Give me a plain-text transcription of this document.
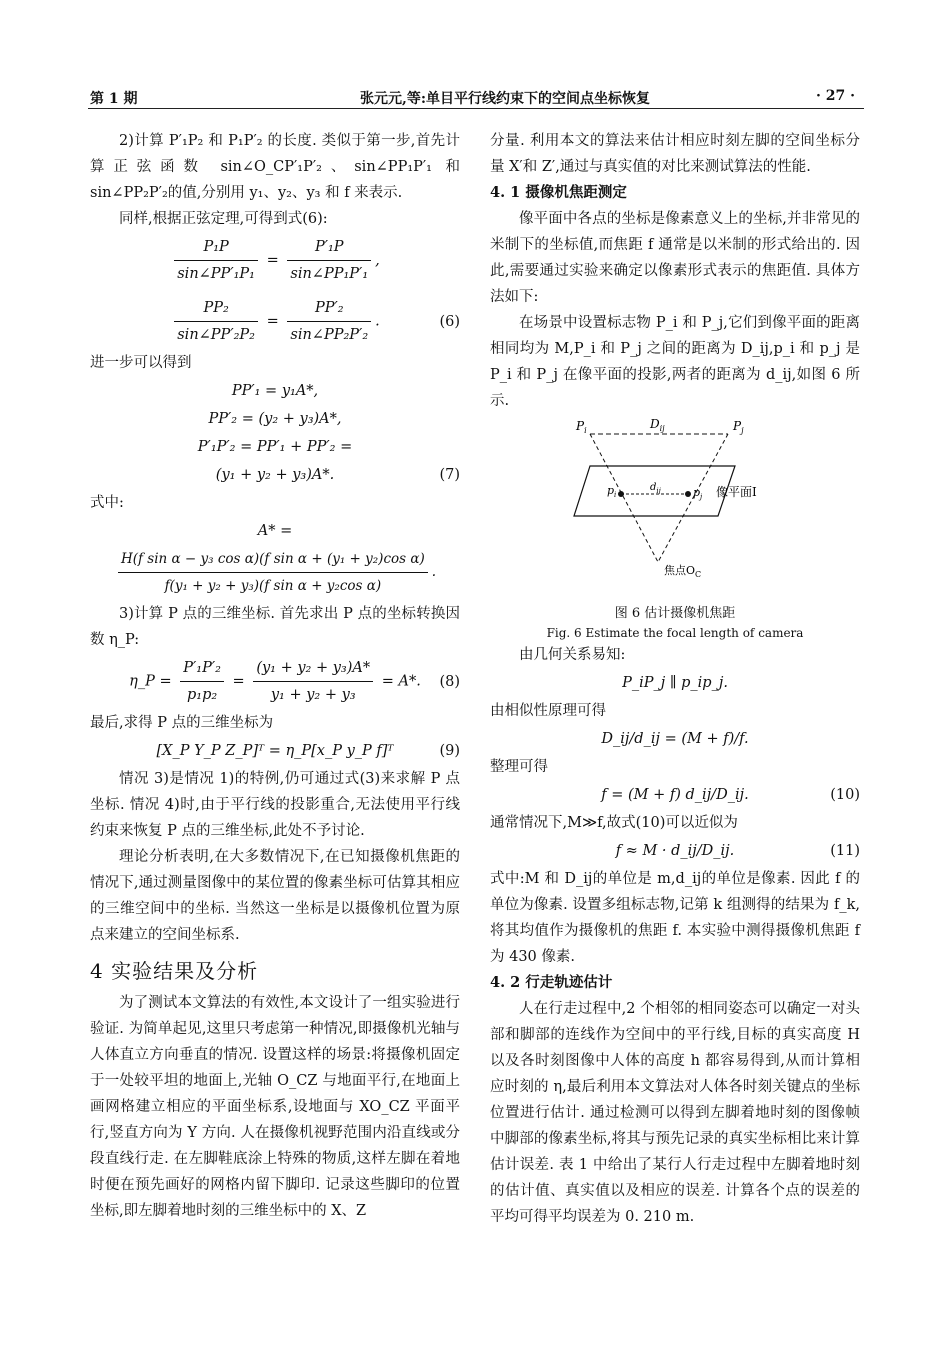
第 1 期	张元元,等:单目平行线约束下的空间点坐标恢复	· 27 ·

2)计算 P′₁P₂ 和 P₁P′₂ 的长度. 类似于第一步,首先计算正弦函数 sin∠O_CP′₁P′₂、sin∠PP₁P′₁ 和 sin∠PP₂P′₂的值,分别用 y₁、y₂、y₃ 和 f 来表示.

同样,根据正弦定理,可得到式(6):

$\frac{\text{P₁P}}{\text{sin∠PP′₁P₁}} = \frac{\text{P′₁P}}{\text{sin∠PP₁P′₁}}$ ,
$\frac{\text{PP₂}}{\text{sin∠PP′₂P₂}} = \frac{\text{PP′₂}}{\text{sin∠PP₂P′₂}}$ .	(6)

进一步可以得到

PP′₁ = y₁A*,
PP′₂ = (y₂ + y₃)A*,
P′₁P′₂ = PP′₁ + PP′₂ =
(y₁ + y₂ + y₃)A*.	(7)

式中:

A* =
$\frac{\text{H(f sin α − y₃ cos α)(f sin α + (y₁ + y₂)cos α)}}{\text{f(y₁ + y₂ + y₃)(f sin α + y₂cos α)}}$ .

3)计算 P 点的三维坐标. 首先求出 P 点的坐标转换因数 η_P:

η_P = $\frac{\text{P′₁P′₂}}{\text{p₁p₂}} = \frac{\text{(y₁ + y₂ + y₃)A*}}{\text{y₁ + y₂ + y₃}} = A*$. (8)

最后,求得 P 点的三维坐标为

[X_P Y_P Z_P]ᵀ = η_P[x_P y_P f]ᵀ	(9)

情况 3)是情况 1)的特例,仍可通过式(3)来求解 P 点坐标. 情况 4)时,由于平行线的投影重合,无法使用平行线约束来恢复 P 点的三维坐标,此处不予讨论.

理论分析表明,在大多数情况下,在已知摄像机焦距的情况下,通过测量图像中的某位置的像素坐标可估算其相应的三维空间中的坐标. 当然这一坐标是以摄像机位置为原点来建立的空间坐标系.

4 实验结果及分析

为了测试本文算法的有效性,本文设计了一组实验进行验证. 为简单起见,这里只考虑第一种情况,即摄像机光轴与人体直立方向垂直的情况. 设置这样的场景:将摄像机固定于一处较平坦的地面上,光轴 O_CZ 与地面平行,在地面上画网格建立相应的平面坐标系,设地面与 XO_CZ 平面平行,竖直方向为 Y 方向. 人在摄像机视野范围内沿直线或分段直线行走. 在左脚鞋底涂上特殊的物质,这样左脚在着地时便在预先画好的网格内留下脚印. 记录这些脚印的位置坐标,即左脚着地时刻的三维坐标中的 X、Z

分量. 利用本文的算法来估计相应时刻左脚的空间坐标分量 X′和 Z′,通过与真实值的对比来测试算法的性能.

4. 1 摄像机焦距测定

像平面中各点的坐标是像素意义上的坐标,并非常见的米制下的坐标值,而焦距 f 通常是以米制的形式给出的. 因此,需要通过实验来确定以像素形式表示的焦距值. 具体方法如下:

在场景中设置标志物 P_i 和 P_j,它们到像平面的距离相同均为 M,P_i 和 P_j 之间的距离为 D_ij,p_i 和 p_j 是 P_i 和 P_j 在像平面的投影,两者的距离为 d_ij,如图 6 所示.

$P_i$	$P_j$
$D_{ij}$
$p_i$	$p_j$
$d_{ij}$	像平面I
焦点$O_C$
图 6 估计摄像机焦距
Fig. 6 Estimate the focal length of camera

由几何关系易知:

P_iP_j ∥ p_ip_j.

由相似性原理可得

D_ij/d_ij = (M + f)/f.

整理可得

f = (M + f) d_ij/D_ij.	(10)

通常情况下,M≫f,故式(10)可以近似为

f ≈ M · d_ij/D_ij.	(11)

式中:M 和 D_ij的单位是 m,d_ij的单位是像素. 因此 f 的单位为像素. 设置多组标志物,记第 k 组测得的结果为 f_k,将其均值作为摄像机的焦距 f. 本实验中测得摄像机焦距 f 为 430 像素.

4. 2 行走轨迹估计

人在行走过程中,2 个相邻的相同姿态可以确定一对头部和脚部的连线作为空间中的平行线,目标的真实高度 H 以及各时刻图像中人体的高度 h 都容易得到,从而计算相应时刻的 η,最后利用本文算法对人体各时刻关键点的坐标位置进行估计. 通过检测可以得到左脚着地时刻的图像帧中脚部的像素坐标,将其与预先记录的真实坐标相比来计算估计误差. 表 1 中给出了某行人行走过程中左脚着地时刻的估计值、真实值以及相应的误差. 计算各个点的误差的平均可得平均误差为 0. 210 m.
